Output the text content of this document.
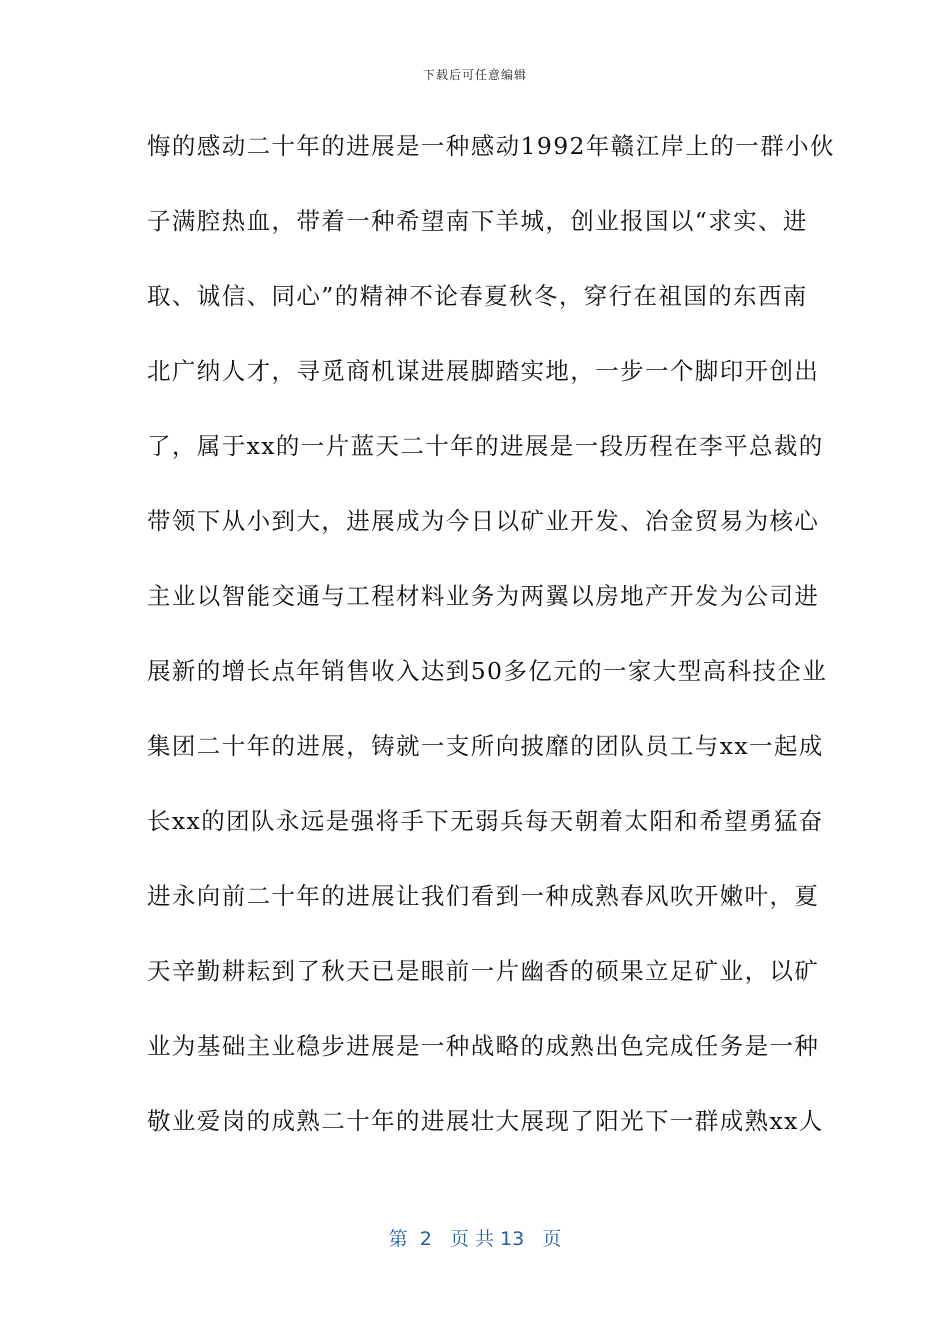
下载后可任意编辑
悔的感动二十年的进展是一种感动1992年赣江岸上的一群小伙
子满腔热血，带着一种希望南下羊城，创业报国以“求实、进
取、诚信、同心”的精神不论春夏秋冬，穿行在祖国的东西南
北广纳人才，寻觅商机谋进展脚踏实地，一步一个脚印开创出
了，属于xx的一片蓝天二十年的进展是一段历程在李平总裁的
带领下从小到大，进展成为今日以矿业开发、冶金贸易为核心
主业以智能交通与工程材料业务为两翼以房地产开发为公司进
展新的增长点年销售收入达到50多亿元的一家大型高科技企业
集团二十年的进展，铸就一支所向披靡的团队员工与xx一起成
长xx的团队永远是强将手下无弱兵每天朝着太阳和希望勇猛奋
进永向前二十年的进展让我们看到一种成熟春风吹开嫩叶，夏
天辛勤耕耘到了秋天已是眼前一片幽香的硕果立足矿业，以矿
业为基础主业稳步进展是一种战略的成熟出色完成任务是一种
敬业爱岗的成熟二十年的进展壮大展现了阳光下一群成熟xx人
第  2   页 共 13   页
